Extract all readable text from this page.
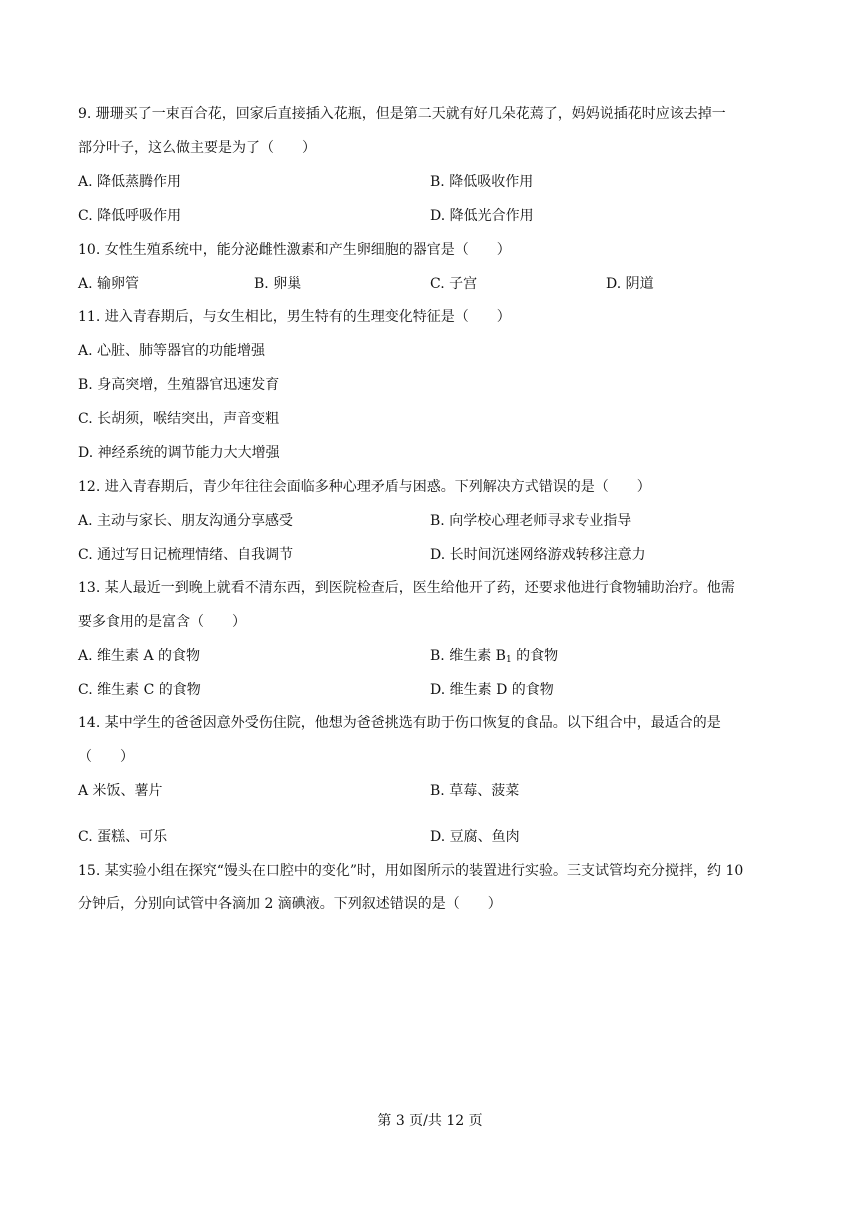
9. 珊珊买了一束百合花，回家后直接插入花瓶，但是第二天就有好几朵花蔫了，妈妈说插花时应该去掉一
部分叶子，这么做主要是为了（　　）
A. 降低蒸腾作用	B. 降低吸收作用
C. 降低呼吸作用	D. 降低光合作用
10. 女性生殖系统中，能分泌雌性激素和产生卵细胞的器官是（　　）
A. 输卵管	B. 卵巢	C. 子宫	D. 阴道
11. 进入青春期后，与女生相比，男生特有的生理变化特征是（　　）
A. 心脏、肺等器官的功能增强
B. 身高突增，生殖器官迅速发育
C. 长胡须，喉结突出，声音变粗
D. 神经系统的调节能力大大增强
12. 进入青春期后，青少年往往会面临多种心理矛盾与困惑。下列解决方式错误的是（　　）
A. 主动与家长、朋友沟通分享感受	B. 向学校心理老师寻求专业指导
C. 通过写日记梳理情绪、自我调节	D. 长时间沉迷网络游戏转移注意力
13. 某人最近一到晚上就看不清东西，到医院检查后，医生给他开了药，还要求他进行食物辅助治疗。他需
要多食用的是富含（　　）
A. 维生素 A 的食物	B. 维生素 $B_1$ 的食物
C. 维生素 C 的食物	D. 维生素 D 的食物
14. 某中学生的爸爸因意外受伤住院，他想为爸爸挑选有助于伤口恢复的食品。以下组合中，最适合的是
（　　）
A 米饭、薯片	B. 草莓、菠菜
C. 蛋糕、可乐	D. 豆腐、鱼肉
15. 某实验小组在探究“馒头在口腔中的变化”时，用如图所示的装置进行实验。三支试管均充分搅拌，约 10
分钟后，分别向试管中各滴加 2 滴碘液。下列叙述错误的是（　　）
第 3 页/共 12 页
